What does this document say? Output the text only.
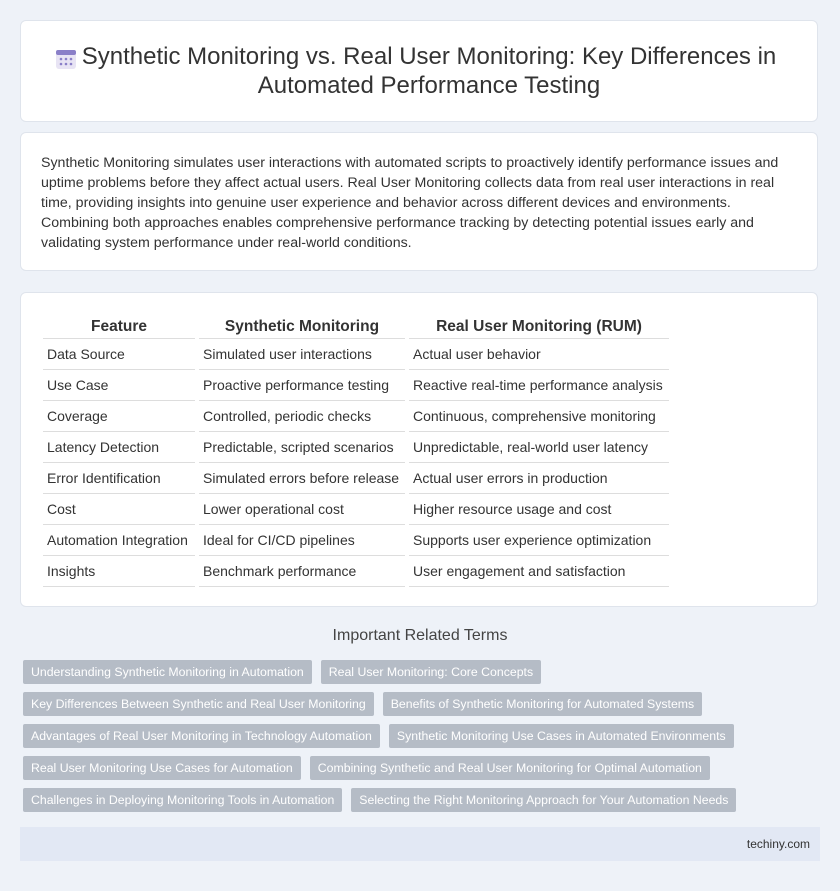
Synthetic Monitoring vs. Real User Monitoring: Key Differences in Automated Performance Testing

Synthetic Monitoring simulates user interactions with automated scripts to proactively identify performance issues and uptime problems before they affect actual users. Real User Monitoring collects data from real user interactions in real time, providing insights into genuine user experience and behavior across different devices and environments. Combining both approaches enables comprehensive performance tracking by detecting potential issues early and validating system performance under real-world conditions.

Feature	Synthetic Monitoring	Real User Monitoring (RUM)
Data Source	Simulated user interactions	Actual user behavior
Use Case	Proactive performance testing	Reactive real-time performance analysis
Coverage	Controlled, periodic checks	Continuous, comprehensive monitoring
Latency Detection	Predictable, scripted scenarios	Unpredictable, real-world user latency
Error Identification	Simulated errors before release	Actual user errors in production
Cost	Lower operational cost	Higher resource usage and cost
Automation Integration	Ideal for CI/CD pipelines	Supports user experience optimization
Insights	Benchmark performance	User engagement and satisfaction
Important Related Terms
Understanding Synthetic Monitoring in Automation	Real User Monitoring: Core Concepts
Key Differences Between Synthetic and Real User Monitoring	Benefits of Synthetic Monitoring for Automated Systems
Advantages of Real User Monitoring in Technology Automation	Synthetic Monitoring Use Cases in Automated Environments
Real User Monitoring Use Cases for Automation	Combining Synthetic and Real User Monitoring for Optimal Automation
Challenges in Deploying Monitoring Tools in Automation	Selecting the Right Monitoring Approach for Your Automation Needs
techiny.com
